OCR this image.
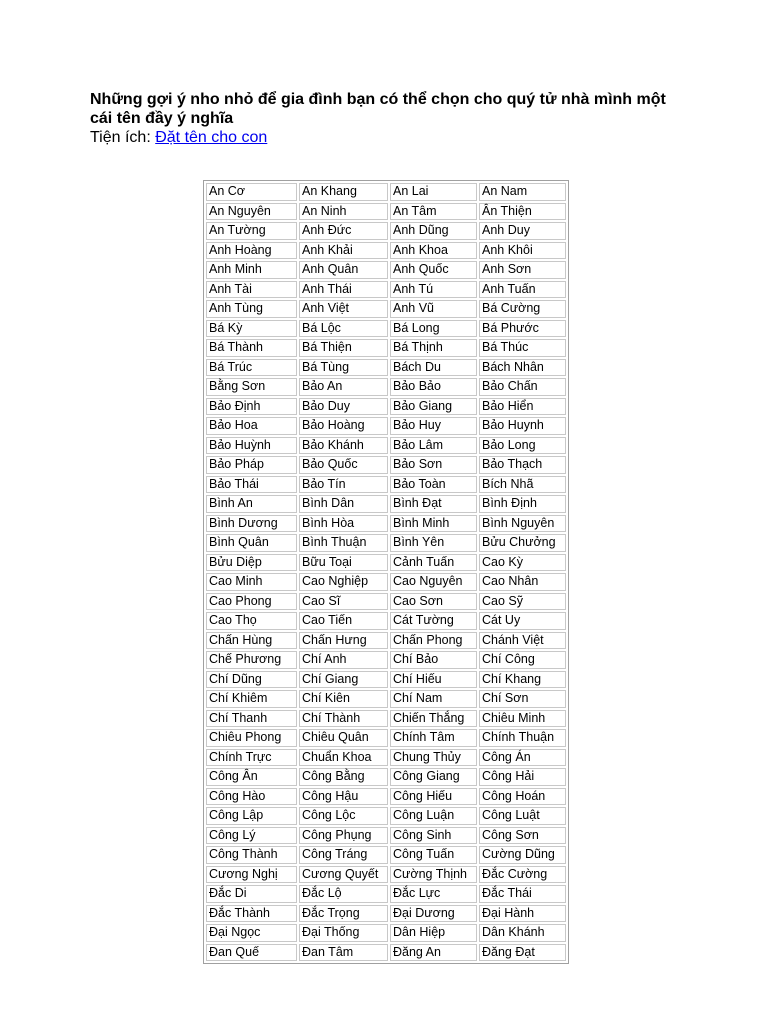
Những gợi ý nho nhỏ để gia đình bạn có thể chọn cho quý tử nhà mình một cái tên đầy ý nghĩa

Tiện ích: Đặt tên cho con

An Cơ	An Khang	An Lai	An Nam
An Nguyên	An Ninh	An Tâm	Ân Thiện
An Tường	Anh Đức	Anh Dũng	Anh Duy
Anh Hoàng	Anh Khải	Anh Khoa	Anh Khôi
Anh Minh	Anh Quân	Anh Quốc	Anh Sơn
Anh Tài	Anh Thái	Anh Tú	Anh Tuấn
Anh Tùng	Anh Việt	Anh Vũ	Bá Cường
Bá Kỳ	Bá Lộc	Bá Long	Bá Phước
Bá Thành	Bá Thiện	Bá Thịnh	Bá Thúc
Bá Trúc	Bá Tùng	Bách Du	Bách Nhân
Bằng Sơn	Bảo An	Bảo Bảo	Bảo Chấn
Bảo Định	Bảo Duy	Bảo Giang	Bảo Hiển
Bảo Hoa	Bảo Hoàng	Bảo Huy	Bảo Huynh
Bảo Huỳnh	Bảo Khánh	Bảo Lâm	Bảo Long
Bảo Pháp	Bảo Quốc	Bảo Sơn	Bảo Thạch
Bảo Thái	Bảo Tín	Bảo Toàn	Bích Nhã
Bình An	Bình Dân	Bình Đạt	Bình Định
Bình Dương	Bình Hòa	Bình Minh	Bình Nguyên
Bình Quân	Bình Thuận	Bình Yên	Bửu Chưởng
Bửu Diệp	Bữu Toại	Cảnh Tuấn	Cao Kỳ
Cao Minh	Cao Nghiệp	Cao Nguyên	Cao Nhân
Cao Phong	Cao Sĩ	Cao Sơn	Cao Sỹ
Cao Thọ	Cao Tiến	Cát Tường	Cát Uy
Chấn Hùng	Chấn Hưng	Chấn Phong	Chánh Việt
Chế Phương	Chí Anh	Chí Bảo	Chí Công
Chí Dũng	Chí Giang	Chí Hiếu	Chí Khang
Chí Khiêm	Chí Kiên	Chí Nam	Chí Sơn
Chí Thanh	Chí Thành	Chiến Thắng	Chiêu Minh
Chiêu Phong	Chiêu Quân	Chính Tâm	Chính Thuận
Chính Trực	Chuẩn Khoa	Chung Thủy	Công Án
Công Ân	Công Bằng	Công Giang	Công Hải
Công Hào	Công Hậu	Công Hiếu	Công Hoán
Công Lập	Công Lộc	Công Luận	Công Luật
Công Lý	Công Phụng	Công Sinh	Công Sơn
Công Thành	Công Tráng	Công Tuấn	Cường Dũng
Cương Nghị	Cương Quyết	Cường Thịnh	Đắc Cường
Đắc Di	Đắc Lộ	Đắc Lực	Đắc Thái
Đắc Thành	Đắc Trọng	Đại Dương	Đại Hành
Đại Ngọc	Đại Thống	Dân Hiệp	Dân Khánh
Đan Quế	Đan Tâm	Đăng An	Đăng Đạt
